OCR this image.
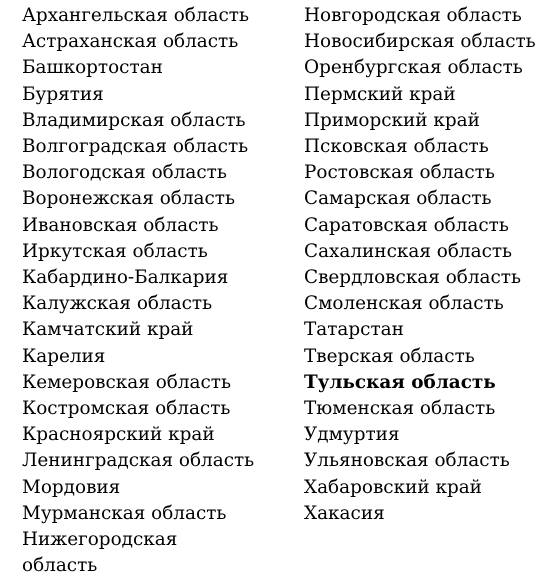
Архангельская область
Астраханская область
Башкортостан
Бурятия
Владимирская область
Волгоградская область
Вологодская область
Воронежская область
Ивановская область
Иркутская область
Кабардино-Балкария
Калужская область
Камчатский край
Карелия
Кемеровская область
Костромская область
Красноярский край
Ленинградская область
Мордовия
Мурманская область
Нижегородская область
Новгородская область
Новосибирская область
Оренбургская область
Пермский край
Приморский край
Псковская область
Ростовская область
Самарская область
Саратовская область
Сахалинская область
Свердловская область
Смоленская область
Татарстан
Тверская область
Тульская область
Тюменская область
Удмуртия
Ульяновская область
Хабаровский край
Хакасия
